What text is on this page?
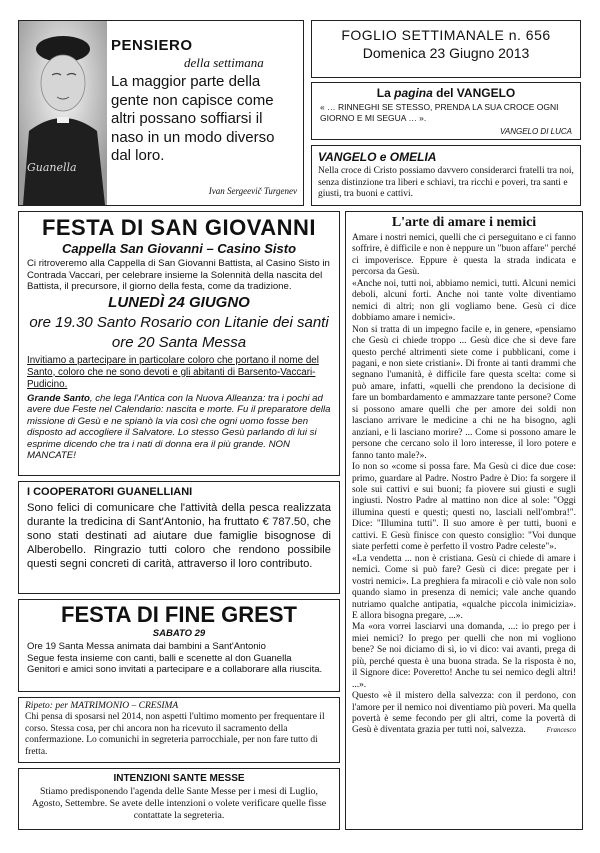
Guanella
PENSIERO
della settimana
La maggior parte della gente non capisce come altri possano soffiarsi il naso in un modo diverso dal loro.
Ivan Sergeevič Turgenev
FOGLIO SETTIMANALE n. 656
Domenica 23 Giugno 2013
La pagina del VANGELO
« … RINNEGHI SE STESSO, PRENDA LA SUA CROCE OGNI GIORNO E MI SEGUA … ».
VANGELO DI LUCA
VANGELO e OMELIA
Nella croce di Cristo possiamo davvero considerarci fratelli tra noi, senza distinzione tra liberi e schiavi, tra ricchi e poveri, tra santi e giusti, tra buoni e cattivi.
FESTA DI SAN GIOVANNI
Cappella San Giovanni – Casino Sisto
Ci ritroveremo alla Cappella di San Giovanni Battista, al Casino Sisto in Contrada Vaccari, per celebrare insieme la Solennità della nascita del Battista, il precursore, il giorno della festa, come da tradizione.
LUNEDÌ 24 GIUGNO
ore 19.30 Santo Rosario con Litanie dei santi
ore 20 Santa Messa
Invitiamo a partecipare in particolare coloro che portano il nome del Santo, coloro che ne sono devoti e gli abitanti di Barsento-Vaccari-Pudicino.
Grande Santo, che lega l'Antica con la Nuova Alleanza: tra i pochi ad avere due Feste nel Calendario: nascita e morte. Fu il preparatore della missione di Gesù e ne spianò la via così che ogni uomo fosse ben disposto ad accogliere il Salvatore. Lo stesso Gesù parlando di lui si esprime dicendo che tra i nati di donna era il più grande. NON MANCATE!
I COOPERATORI GUANELLIANI
Sono felici di comunicare che l'attività della pesca realizzata durante la tredicina di Sant'Antonio, ha fruttato € 787.50, che sono stati destinati ad aiutare due famiglie bisognose di Alberobello. Ringrazio tutti coloro che rendono possibile questi segni concreti di carità, attraverso il loro contributo.
FESTA DI FINE GREST
SABATO 29
Ore 19 Santa Messa animata dai bambini a Sant'Antonio
Segue festa insieme con canti, balli e scenette al don Guanella
Genitori e amici sono invitati a partecipare e a collaborare alla riuscita.
Ripeto: per MATRIMONIO – CRESIMA
Chi pensa di sposarsi nel 2014, non aspetti l'ultimo momento per frequentare il corso. Stessa cosa, per chi ancora non ha ricevuto il sacramento della confermazione. Lo comunichi in segreteria parrocchiale, per non fare tutto di fretta.
INTENZIONI SANTE MESSE
Stiamo predisponendo l'agenda delle Sante Messe per i mesi di Luglio, Agosto, Settembre. Se avete delle intenzioni o volete verificare quelle fisse contattate la segreteria.
L'arte di amare i nemici

Amare i nostri nemici, quelli che ci perseguitano e ci fanno soffrire, è difficile e non è neppure un "buon affare" perché ci impoverisce. Eppure è questa la strada indicata e percorsa da Gesù.

«Anche noi, tutti noi, abbiamo nemici, tutti. Alcuni nemici deboli, alcuni forti. Anche noi tante volte diventiamo nemici di altri; non gli vogliamo bene. Gesù ci dice dobbiamo amare i nemici».

Non si tratta di un impegno facile e, in genere, «pensiamo che Gesù ci chiede troppo ... Gesù dice che si deve fare questo perché altrimenti siete come i pubblicani, come i pagani, e non siete cristiani». Di fronte ai tanti drammi che segnano l'umanità, è difficile fare questa scelta: come si può amare, infatti, «quelli che prendono la decisione di fare un bombardamento e ammazzare tante persone? Come si possono amare quelli che per amore dei soldi non lasciano arrivare le medicine a chi ne ha bisogno, agli anziani, e li lasciano morire? ... Come si possono amare le persone che cercano solo il loro interesse, il loro potere e fanno tanto male?».

Io non so «come si possa fare. Ma Gesù ci dice due cose: primo, guardare al Padre. Nostro Padre è Dio: fa sorgere il sole sui cattivi e sui buoni; fa piovere sui giusti e sugli ingiusti. Nostro Padre al mattino non dice al sole: "Oggi illumina questi e questi; questi no, lasciali nell'ombra!". Dice: "Illumina tutti". Il suo amore è per tutti, buoni e cattivi. E Gesù finisce con questo consiglio: "Voi dunque siate perfetti come è perfetto il vostro Padre celeste"».

«La vendetta ... non è cristiana. Gesù ci chiede di amare i nemici. Come si può fare? Gesù ci dice: pregate per i vostri nemici». La preghiera fa miracoli e ciò vale non solo quando siamo in presenza di nemici; vale anche quando nutriamo qualche antipatia, «qualche piccola inimicizia». E allora bisogna pregare, ...».

Ma «ora vorrei lasciarvi una domanda, ...: io prego per i miei nemici? Io prego per quelli che non mi vogliono bene? Se noi diciamo di sì, io vi dico: vai avanti, prega di più, perché questa è una buona strada. Se la risposta è no, il Signore dice: Poveretto! Anche tu sei nemico degli altri! ...».

Questo «è il mistero della salvezza: con il perdono, con l'amore per il nemico noi diventiamo più poveri. Ma quella povertà è seme fecondo per gli altri, come la povertà di Gesù è diventata grazia per tutti noi, salvezza.	Francesco
